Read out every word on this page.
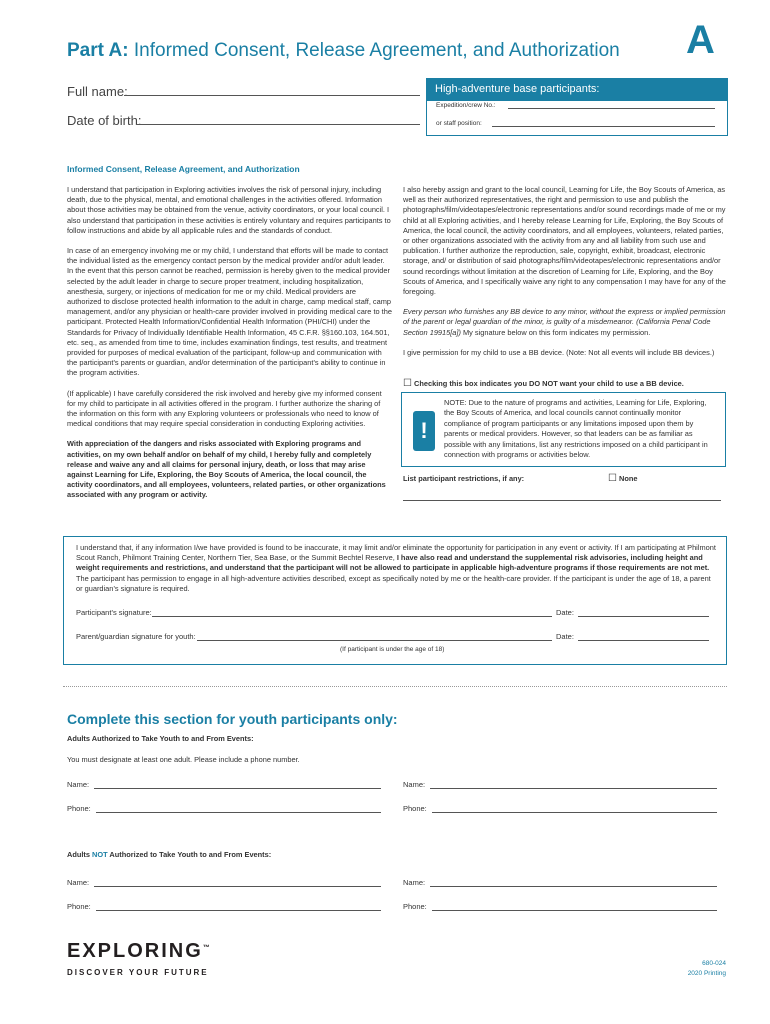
Part A: Informed Consent, Release Agreement, and Authorization A
Full name:
Date of birth:
High-adventure base participants:
Expedition/crew No.:
or staff position:
Informed Consent, Release Agreement, and Authorization

I understand that participation in Exploring activities involves the risk of personal injury, including death, due to the physical, mental, and emotional challenges in the activities offered. Information about those activities may be obtained from the venue, activity coordinators, or your local council. I also understand that participation in these activities is entirely voluntary and requires participants to follow instructions and abide by all applicable rules and the standards of conduct.

In case of an emergency involving me or my child, I understand that efforts will be made to contact the individual listed as the emergency contact person by the medical provider and/or adult leader. In the event that this person cannot be reached, permission is hereby given to the medical provider selected by the adult leader in charge to secure proper treatment, including hospitalization, anesthesia, surgery, or injections of medication for me or my child. Medical providers are authorized to disclose protected health information to the adult in charge, camp medical staff, camp management, and/or any physician or health-care provider involved in providing medical care to the participant. Protected Health Information/Confidential Health Information (PHI/CHI) under the Standards for Privacy of Individually Identifiable Health Information, 45 C.F.R. §§160.103, 164.501, etc. seq., as amended from time to time, includes examination findings, test results, and treatment provided for purposes of medical evaluation of the participant, follow-up and communication with the participant’s parents or guardian, and/or determination of the participant’s ability to continue in the program activities.

(If applicable) I have carefully considered the risk involved and hereby give my informed consent for my child to participate in all activities offered in the program. I further authorize the sharing of the information on this form with any Exploring volunteers or professionals who need to know of medical conditions that may require special consideration in conducting Exploring activities.

With appreciation of the dangers and risks associated with Exploring programs and activities, on my own behalf and/or on behalf of my child, I hereby fully and completely release and waive any and all claims for personal injury, death, or loss that may arise against Learning for Life, Exploring, the Boy Scouts of America, the local council, the activity coordinators, and all employees, volunteers, related parties, or other organizations associated with any program or activity.

I also hereby assign and grant to the local council, Learning for Life, the Boy Scouts of America, as well as their authorized representatives, the right and permission to use and publish the photographs/film/videotapes/electronic representations and/or sound recordings made of me or my child at all Exploring activities, and I hereby release Learning for Life, Exploring, the Boy Scouts of America, the local council, the activity coordinators, and all employees, volunteers, related parties, or other organizations associated with the activity from any and all liability from such use and publication. I further authorize the reproduction, sale, copyright, exhibit, broadcast, electronic storage, and/ or distribution of said photographs/film/videotapes/electronic representations and/or sound recordings without limitation at the discretion of Learning for Life, Exploring, and the Boy Scouts of America, and I specifically waive any right to any compensation I may have for any of the foregoing.

Every person who furnishes any BB device to any minor, without the express or implied permission of the parent or legal guardian of the minor, is guilty of a misdemeanor. (California Penal Code Section 19915[a]) My signature below on this form indicates my permission.

I give permission for my child to use a BB device. (Note: Not all events will include BB devices.)

☐ Checking this box indicates you DO NOT want your child to use a BB device.
!
NOTE: Due to the nature of programs and activities, Learning for Life, Exploring, the Boy Scouts of America, and local councils cannot continually monitor compliance of program participants or any limitations imposed upon them by parents or medical providers. However, so that leaders can be as familiar as possible with any limitations, list any restrictions imposed on a child participant in connection with programs or activities below.
List participant restrictions, if any:	☐ None
I understand that, if any information I/we have provided is found to be inaccurate, it may limit and/or eliminate the opportunity for participation in any event or activity. If I am participating at Philmont Scout Ranch, Philmont Training Center, Northern Tier, Sea Base, or the Summit Bechtel Reserve, I have also read and understand the supplemental risk advisories, including height and weight requirements and restrictions, and understand that the participant will not be allowed to participate in applicable high-adventure programs if those requirements are not met. The participant has permission to engage in all high-adventure activities described, except as specifically noted by me or the health-care provider. If the participant is under the age of 18, a parent or guardian’s signature is required.
Participant’s signature:	Date:
Parent/guardian signature for youth:	Date:
(If participant is under the age of 18)
Complete this section for youth participants only:
Adults Authorized to Take Youth to and From Events:
You must designate at least one adult. Please include a phone number.
Name:	Name:
Phone:	Phone:
Adults NOT Authorized to Take Youth to and From Events:
Name:	Name:
Phone:	Phone:
EXPLORING™
DISCOVER YOUR FUTURE
680-024
2020 Printing
